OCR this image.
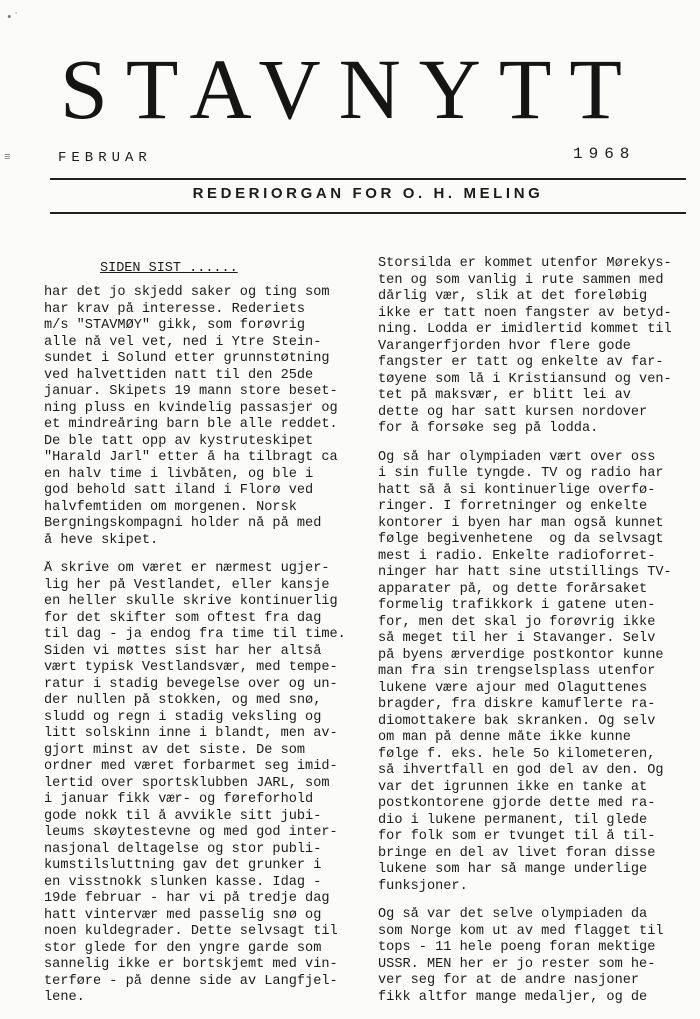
•ʾ
≡
STAVNYTT
FEBRUAR	1968
REDERIORGAN FOR O. H. MELING
SIDEN SIST ......
har det jo skjedd saker og ting som
har krav på interesse. Rederiets
m/s "STAVMØY" gikk, som forøvrig
alle nå vel vet, ned i Ytre Stein-
sundet i Solund etter grunnstøtning
ved halvettiden natt til den 25de
januar. Skipets 19 mann store beset-
ning pluss en kvindelig passasjer og
et mindreåring barn ble alle reddet.
De ble tatt opp av kystruteskipet
"Harald Jarl" etter å ha tilbragt ca
en halv time i livbåten, og ble i
god behold satt iland i Florø ved
halvfemtiden om morgenen. Norsk
Bergningskompagni holder nå på med
å heve skipet.
Å skrive om været er nærmest ugjer-
lig her på Vestlandet, eller kansje
en heller skulle skrive kontinuerlig
for det skifter som oftest fra dag
til dag - ja endog fra time til time.
Siden vi møttes sist har her altså
vært typisk Vestlandsvær, med tempe-
ratur i stadig bevegelse over og un-
der nullen på stokken, og med snø,
sludd og regn i stadig veksling og
litt solskinn inne i blandt, men av-
gjort minst av det siste. De som
ordner med været forbarmet seg imid-
lertid over sportsklubben JARL, som
i januar fikk vær- og føreforhold
gode nokk til å avvikle sitt jubi-
leums skøytestevne og med god inter-
nasjonal deltagelse og stor publi-
kumstilsluttning gav det grunker i
en visstnokk slunken kasse. Idag -
19de februar - har vi på tredje dag
hatt vintervær med passelig snø og
noen kuldegrader. Dette selvsagt til
stor glede for den yngre garde som
sannelig ikke er bortskjemt med vin-
terføre - på denne side av Langfjel-
lene.
Storsilda er kommet utenfor Mørekys-
ten og som vanlig i rute sammen med
dårlig vær, slik at det foreløbig
ikke er tatt noen fangster av betyd-
ning. Lodda er imidlertid kommet til
Varangerfjorden hvor flere gode
fangster er tatt og enkelte av far-
tøyene som lå i Kristiansund og ven-
tet på maksvær, er blitt lei av
dette og har satt kursen nordover
for å forsøke seg på lodda.
Og så har olympiaden vært over oss
i sin fulle tyngde. TV og radio har
hatt så å si kontinuerlige overfø-
ringer. I forretninger og enkelte
kontorer i byen har man også kunnet
følge begivenhetene  og da selvsagt
mest i radio. Enkelte radioforret-
ninger har hatt sine utstillings TV-
apparater på, og dette forårsaket
formelig trafikkork i gatene uten-
for, men det skal jo forøvrig ikke
så meget til her i Stavanger. Selv
på byens ærverdige postkontor kunne
man fra sin trengselsplass utenfor
lukene være ajour med Olaguttenes
bragder, fra diskre kamuflerte ra-
diomottakere bak skranken. Og selv
om man på denne måte ikke kunne
følge f. eks. hele 5o kilometeren,
så ihvertfall en god del av den. Og
var det igrunnen ikke en tanke at
postkontorene gjorde dette med ra-
dio i lukene permanent, til glede
for folk som er tvunget til å til-
bringe en del av livet foran disse
lukene som har så mange underlige
funksjoner.
Og så var det selve olympiaden da
som Norge kom ut av med flagget til
tops - 11 hele poeng foran mektige
USSR. MEN her er jo rester som he-
ver seg for at de andre nasjoner
fikk altfor mange medaljer, og de
